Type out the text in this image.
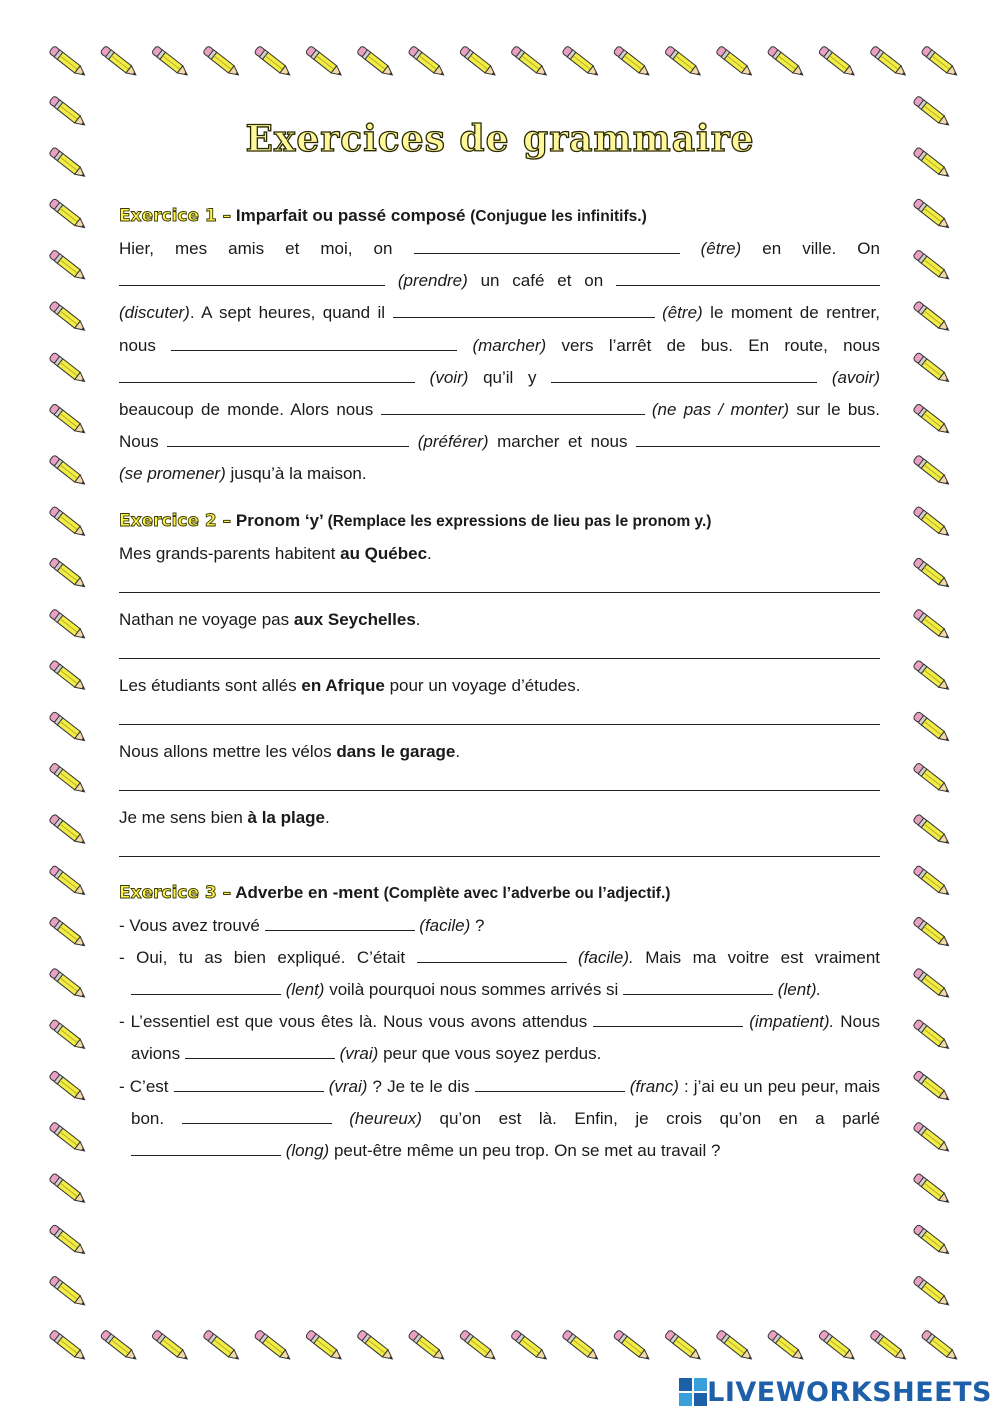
Exercices de grammaire

Exercice 1 – Imparfait ou passé composé (Conjugue les infinitifs.)

Hier, mes amis et moi, on	(être) en ville. On  (prendre) un café et on  (discuter). A sept heures, quand il	(être) le moment de rentrer, nous	(marcher) vers l’arrêt de bus. En route, nous  (voir) qu’il y	(avoir) beaucoup de monde. Alors nous	(ne pas / monter) sur le bus. Nous	(préférer) marcher et nous  (se promener) jusqu’à la maison.

Exercice 2 – Pronom ‘y’ (Remplace les expressions de lieu pas le pronom y.)

Mes grands-parents habitent au Québec.

Nathan ne voyage pas aux Seychelles.

Les étudiants sont allés en Afrique pour un voyage d’études.

Nous allons mettre les vélos dans le garage.

Je me sens bien à la plage.

Exercice 3 – Adverbe en -ment (Complète avec l’adverbe ou l’adjectif.)

- Vous avez trouvé	(facile) ?

- Oui, tu as bien expliqué. C’était	(facile). Mais ma voitre est vraiment  (lent) voilà pourquoi nous sommes arrivés si	(lent).

- L’essentiel est que vous êtes là. Nous vous avons attendus	(impatient). Nous avions	(vrai) peur que vous soyez perdus.

- C’est	(vrai) ? Je te le dis	(franc) : j’ai eu un peu peur, mais bon.	(heureux) qu’on est là. Enfin, je crois qu’on en a parlé  (long) peut-être même un peu trop. On se met au travail ?

LIVEWORKSHEETS
